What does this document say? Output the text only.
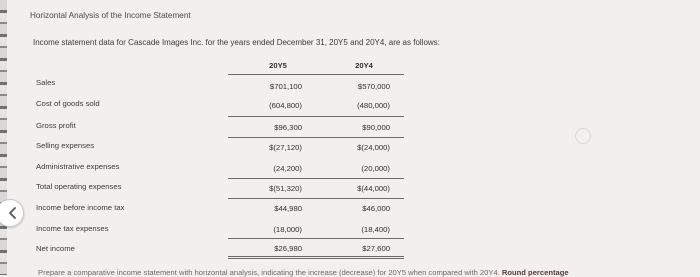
Horizontal Analysis of the Income Statement
Income statement data for Cascade Images Inc. for the years ended December 31, 20Y5 and 20Y4, are as follows:
20Y5	20Y4
Sales	$701,100	$570,000
Cost of goods sold	(604,800)	(480,000)
Gross profit	$96,300	$90,000
Selling expenses	$(27,120)	$(24,000)
Administrative expenses	(24,200)	(20,000)
Total operating expenses	$(51,320)	$(44,000)
Income before income tax	$44,980	$46,000
Income tax expenses	(18,000)	(18,400)
Net income	$26,980	$27,600
Prepare a comparative income statement with horizontal analysis, indicating the increase (decrease) for 20Y5 when compared with 20Y4. Round percentage
